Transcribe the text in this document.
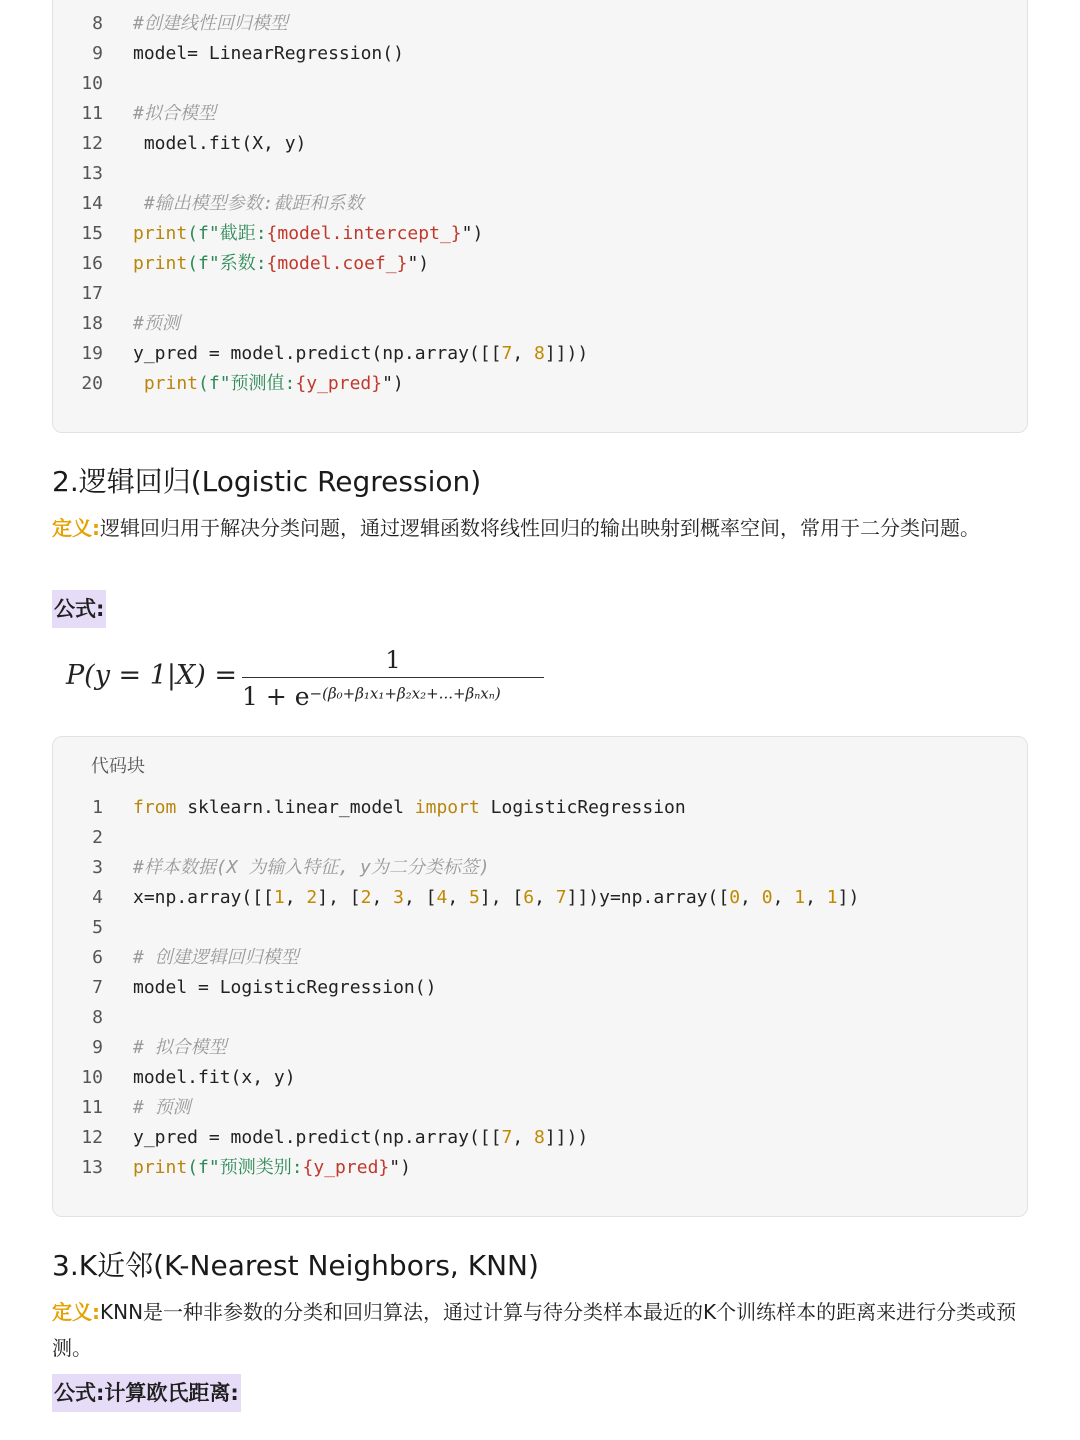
8 #创建线性回归模型
9 model= LinearRegression()
10
11 #拟合模型
12 model.fit(X, y)
13
14 #输出模型参数:截距和系数
15 print(f"截距:{model.intercept_}")
16 print(f"系数:{model.coef_}")
17
18 #预测
19 y_pred = model.predict(np.array([[7, 8]]))
20 print(f"预测值:{y_pred}")
2.逻辑回归(Logistic Regression)
定义:逻辑回归用于解决分类问题，通过逻辑函数将线性回归的输出映射到概率空间，常用于二分类问题。
公式:
P(y = 1|X) =	1
$1 + e^{-(\beta_0+\beta_1x_1+\beta_2x_2+...+\beta_nx_n)}$
代码块
1 from sklearn.linear_model import LogisticRegression
2
3 #样本数据(X 为输入特征, y为二分类标签)
4 x=np.array([[1, 2], [2, 3, [4, 5], [6, 7]])y=np.array([0, 0, 1, 1])
5
6 # 创建逻辑回归模型
7 model = LogisticRegression()
8
9 # 拟合模型
10 model.fit(x, y)
11 # 预测
12 y_pred = model.predict(np.array([[7, 8]]))
13 print(f"预测类别:{y_pred}")
3.K近邻(K-Nearest Neighbors, KNN)
定义:KNN是一种非参数的分类和回归算法，通过计算与待分类样本最近的K个训练样本的距离来进行分类或预测。
公式:计算欧氏距离:
